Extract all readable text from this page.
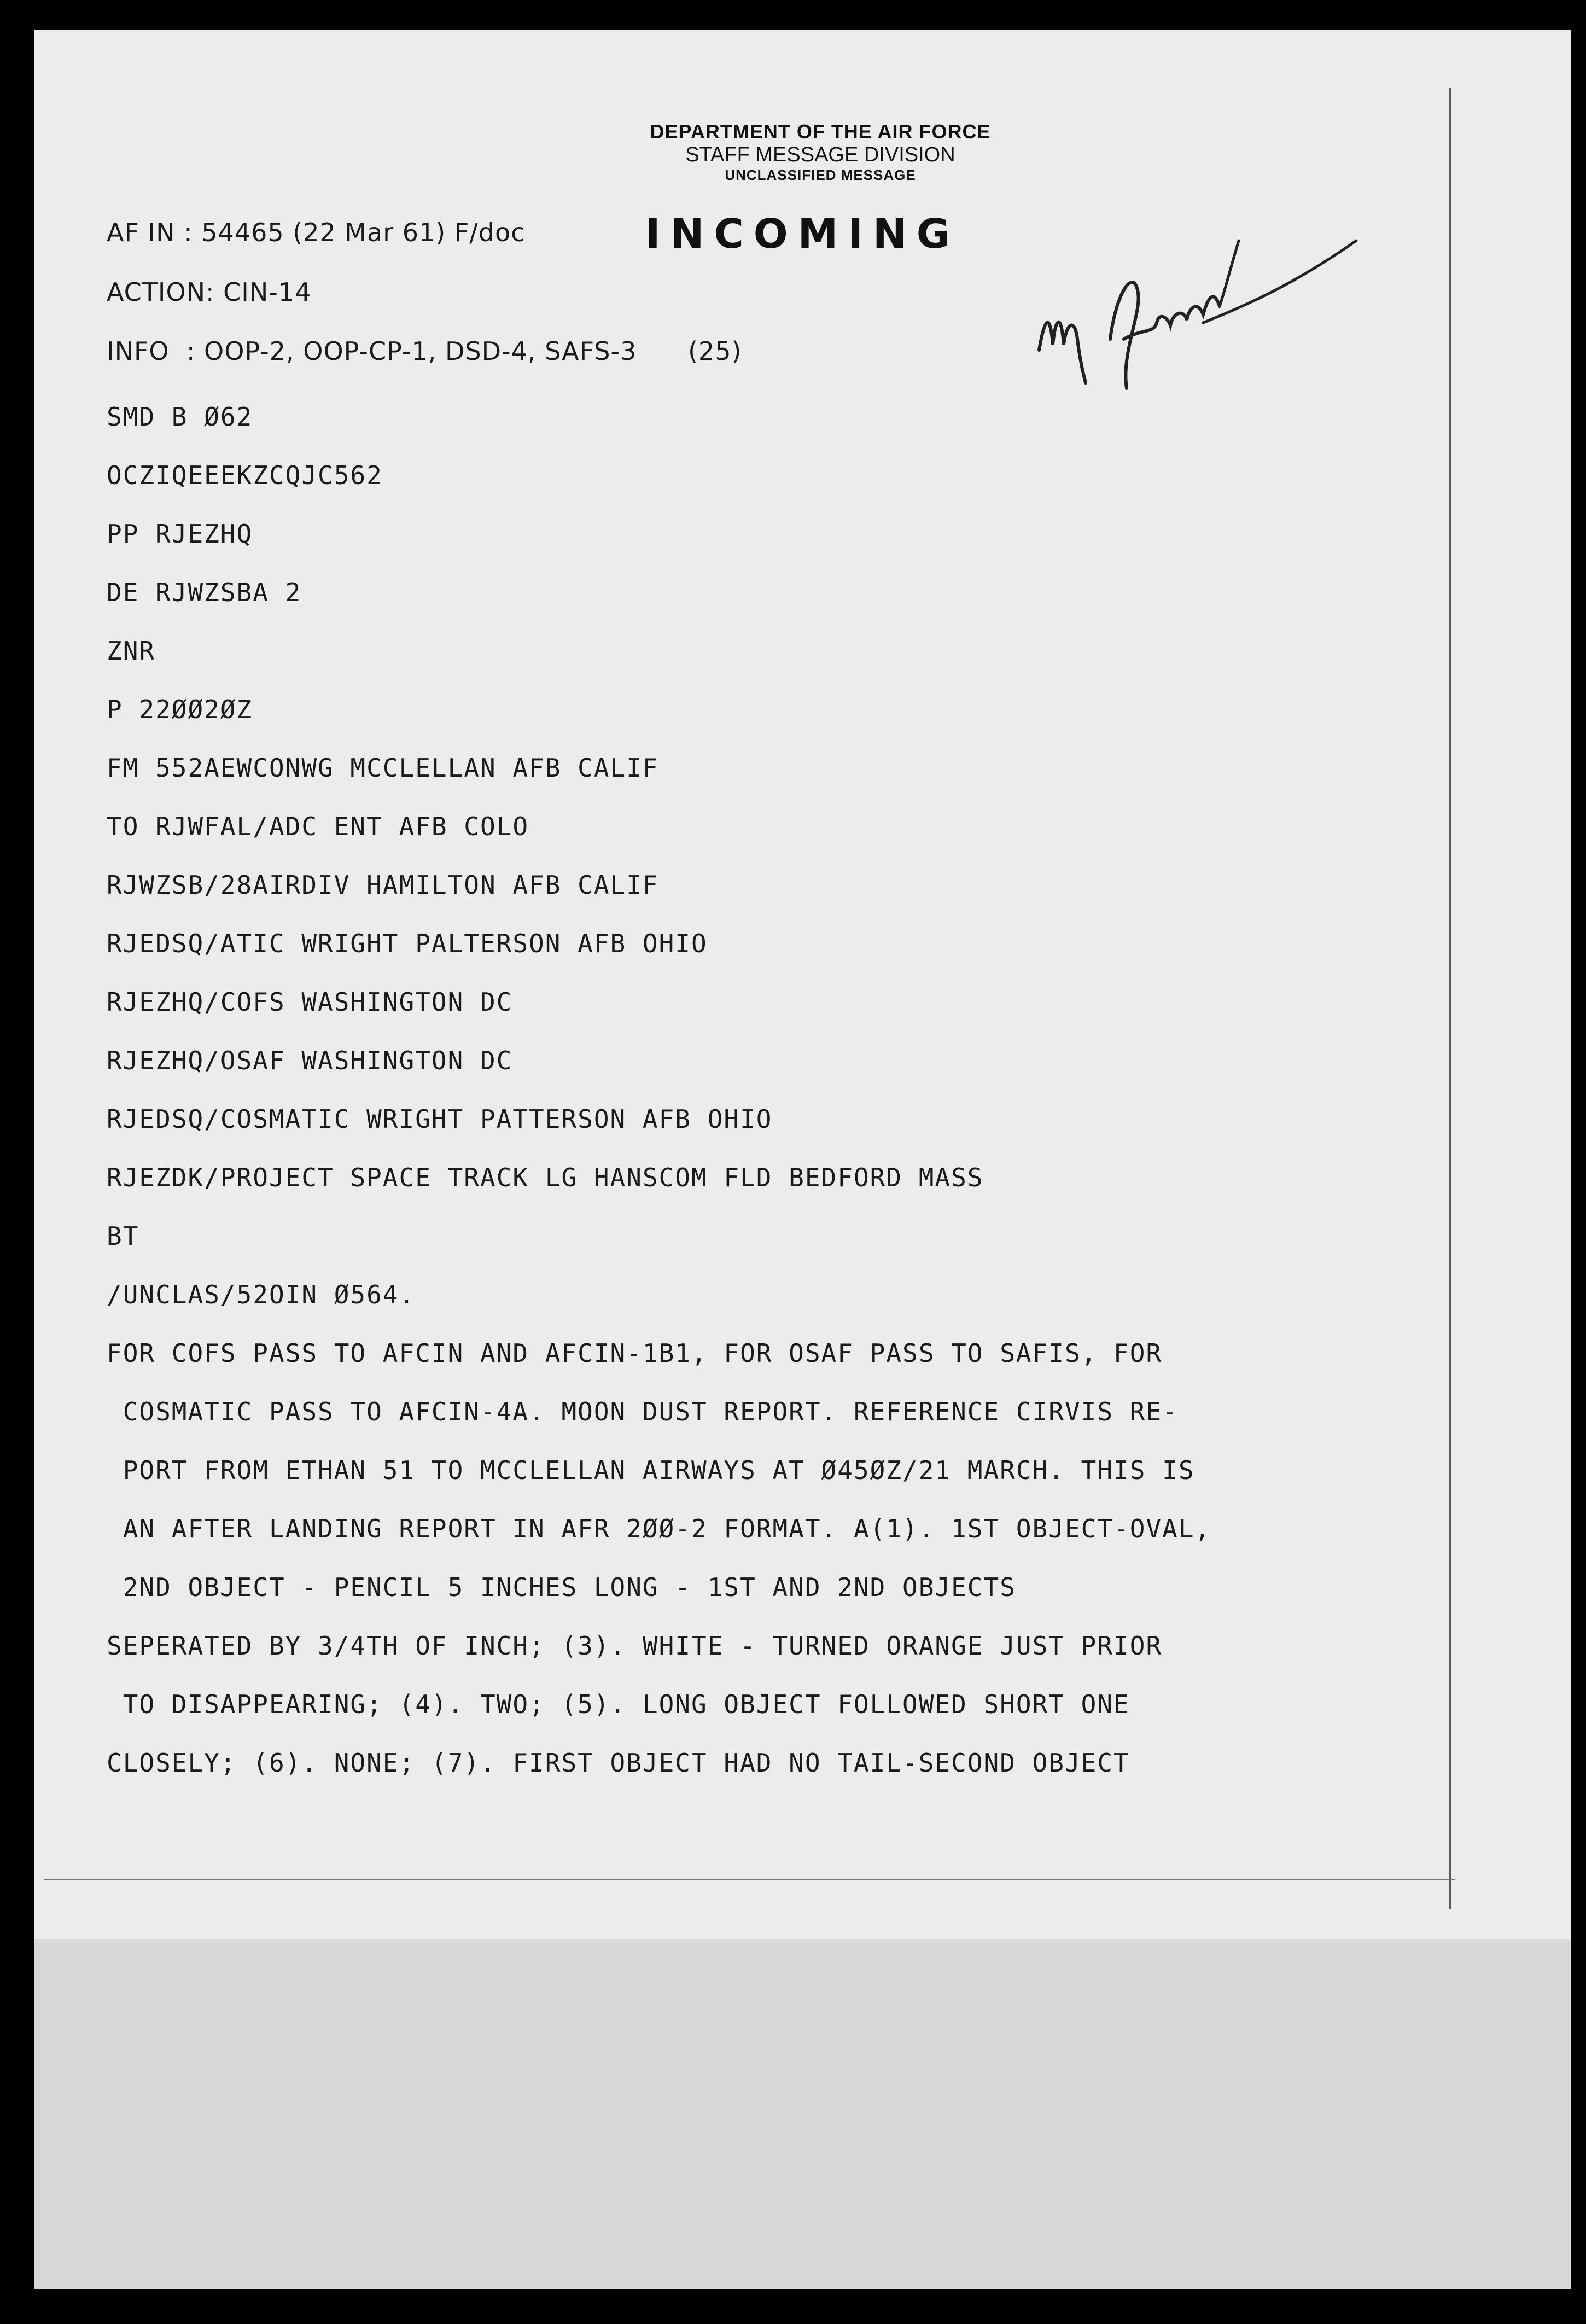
DEPARTMENT OF THE AIR FORCE
STAFF MESSAGE DIVISION
UNCLASSIFIED MESSAGE
INCOMING
AF IN : 54465 (22 Mar 61) F/doc
ACTION: CIN-14
INFO  : OOP-2, OOP-CP-1, DSD-4, SAFS-3      (25)
SMD B Ø62
OCZIQEEEKZCQJC562
PP RJEZHQ
DE RJWZSBA 2
ZNR
P 22ØØ2ØZ
FM 552AEWCONWG MCCLELLAN AFB CALIF
TO RJWFAL/ADC ENT AFB COLO
RJWZSB/28AIRDIV HAMILTON AFB CALIF
RJEDSQ/ATIC WRIGHT PALTERSON AFB OHIO
RJEZHQ/COFS WASHINGTON DC
RJEZHQ/OSAF WASHINGTON DC
RJEDSQ/COSMATIC WRIGHT PATTERSON AFB OHIO
RJEZDK/PROJECT SPACE TRACK LG HANSCOM FLD BEDFORD MASS
BT
/UNCLAS/52OIN Ø564.
FOR COFS PASS TO AFCIN AND AFCIN-1B1, FOR OSAF PASS TO SAFIS, FOR
COSMATIC PASS TO AFCIN-4A. MOON DUST REPORT. REFERENCE CIRVIS RE-
PORT FROM ETHAN 51 TO MCCLELLAN AIRWAYS AT Ø45ØZ/21 MARCH. THIS IS
AN AFTER LANDING REPORT IN AFR 2ØØ-2 FORMAT. A(1). 1ST OBJECT-OVAL,
2ND OBJECT - PENCIL 5 INCHES LONG - 1ST AND 2ND OBJECTS
SEPERATED BY 3/4TH OF INCH; (3). WHITE - TURNED ORANGE JUST PRIOR
TO DISAPPEARING; (4). TWO; (5). LONG OBJECT FOLLOWED SHORT ONE
CLOSELY; (6). NONE; (7). FIRST OBJECT HAD NO TAIL-SECOND OBJECT
